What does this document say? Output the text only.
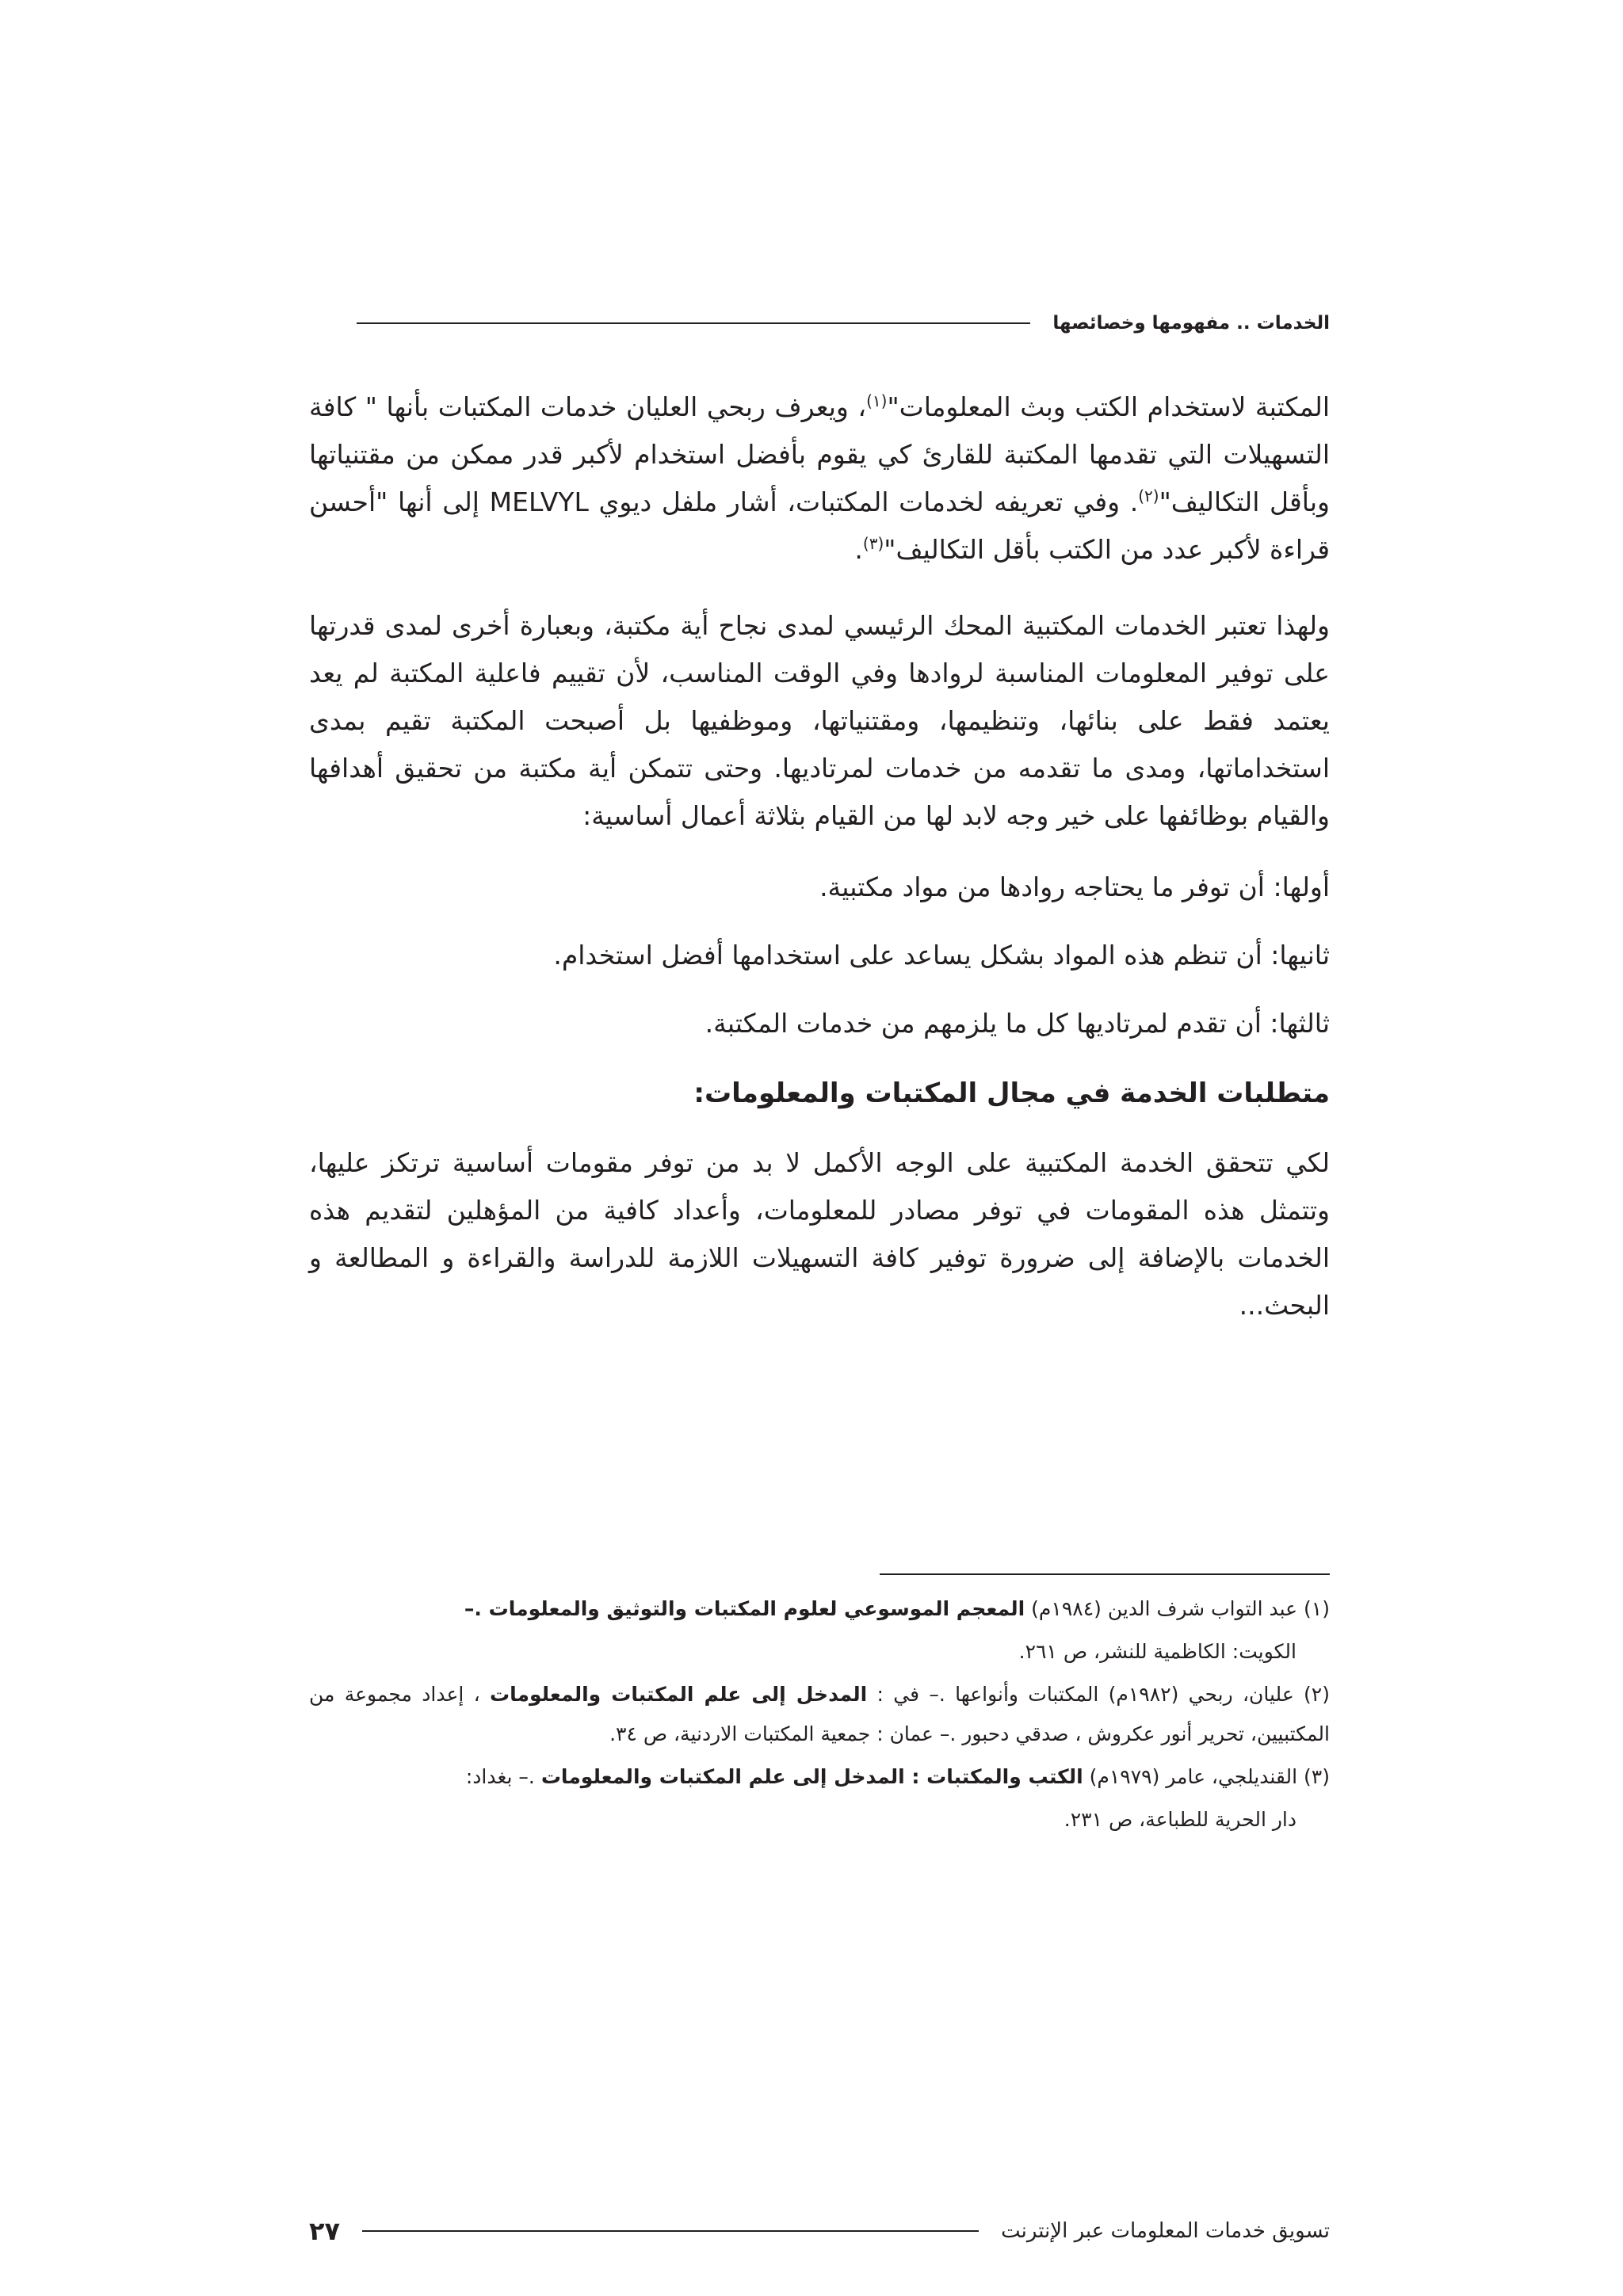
الخدمات .. مفهومها وخصائصها

المكتبة لاستخدام الكتب وبث المعلومات"$^{(١)}$، ويعرف ربحي العليان خدمات المكتبات بأنها " كافة التسهيلات التي تقدمها المكتبة للقارئ كي يقوم بأفضل استخدام لأكبر قدر ممكن من مقتنياتها وبأقل التكاليف"$^{(٢)}$. وفي تعريفه لخدمات المكتبات، أشار ملفل ديوي MELVYL إلى أنها "أحسن قراءة لأكبر عدد من الكتب بأقل التكاليف"$^{(٣)}$.

ولهذا تعتبر الخدمات المكتبية المحك الرئيسي لمدى نجاح أية مكتبة، وبعبارة أخرى لمدى قدرتها على توفير المعلومات المناسبة لروادها وفي الوقت المناسب، لأن تقييم فاعلية المكتبة لم يعد يعتمد فقط على بنائها، وتنظيمها، ومقتنياتها، وموظفيها بل أصبحت المكتبة تقيم بمدى استخداماتها، ومدى ما تقدمه من خدمات لمرتاديها. وحتى تتمكن أية مكتبة من تحقيق أهدافها والقيام بوظائفها على خير وجه لابد لها من القيام بثلاثة أعمال أساسية:

أولها: أن توفر ما يحتاجه روادها من مواد مكتبية.

ثانيها: أن تنظم هذه المواد بشكل يساعد على استخدامها أفضل استخدام.

ثالثها: أن تقدم لمرتاديها كل ما يلزمهم من خدمات المكتبة.

متطلبات الخدمة في مجال المكتبات والمعلومات:

لكي تتحقق الخدمة المكتبية على الوجه الأكمل لا بد من توفر مقومات أساسية ترتكز عليها، وتتمثل هذه المقومات في توفر مصادر للمعلومات، وأعداد كافية من المؤهلين لتقديم هذه الخدمات بالإضافة إلى ضرورة توفير كافة التسهيلات اللازمة للدراسة والقراءة و المطالعة و البحث...

(١) عبد التواب شرف الدين (١٩٨٤م) المعجم الموسوعي لعلوم المكتبات والتوثيق والمعلومات .–

الكويت: الكاظمية للنشر، ص ٢٦١.

(٢) عليان، ربحي (١٩٨٢م) المكتبات وأنواعها .– في : المدخل إلى علم المكتبات والمعلومات ، إعداد مجموعة من المكتبيين، تحرير أنور عكروش ، صدقي دحبور .– عمان : جمعية المكتبات الاردنية، ص ٣٤.

(٣) القنديلجي، عامر (١٩٧٩م) الكتب والمكتبات : المدخل إلى علم المكتبات والمعلومات .– بغداد:

دار الحرية للطباعة، ص ٢٣١.

تسويق خدمات المعلومات عبر الإنترنت
٢٧
